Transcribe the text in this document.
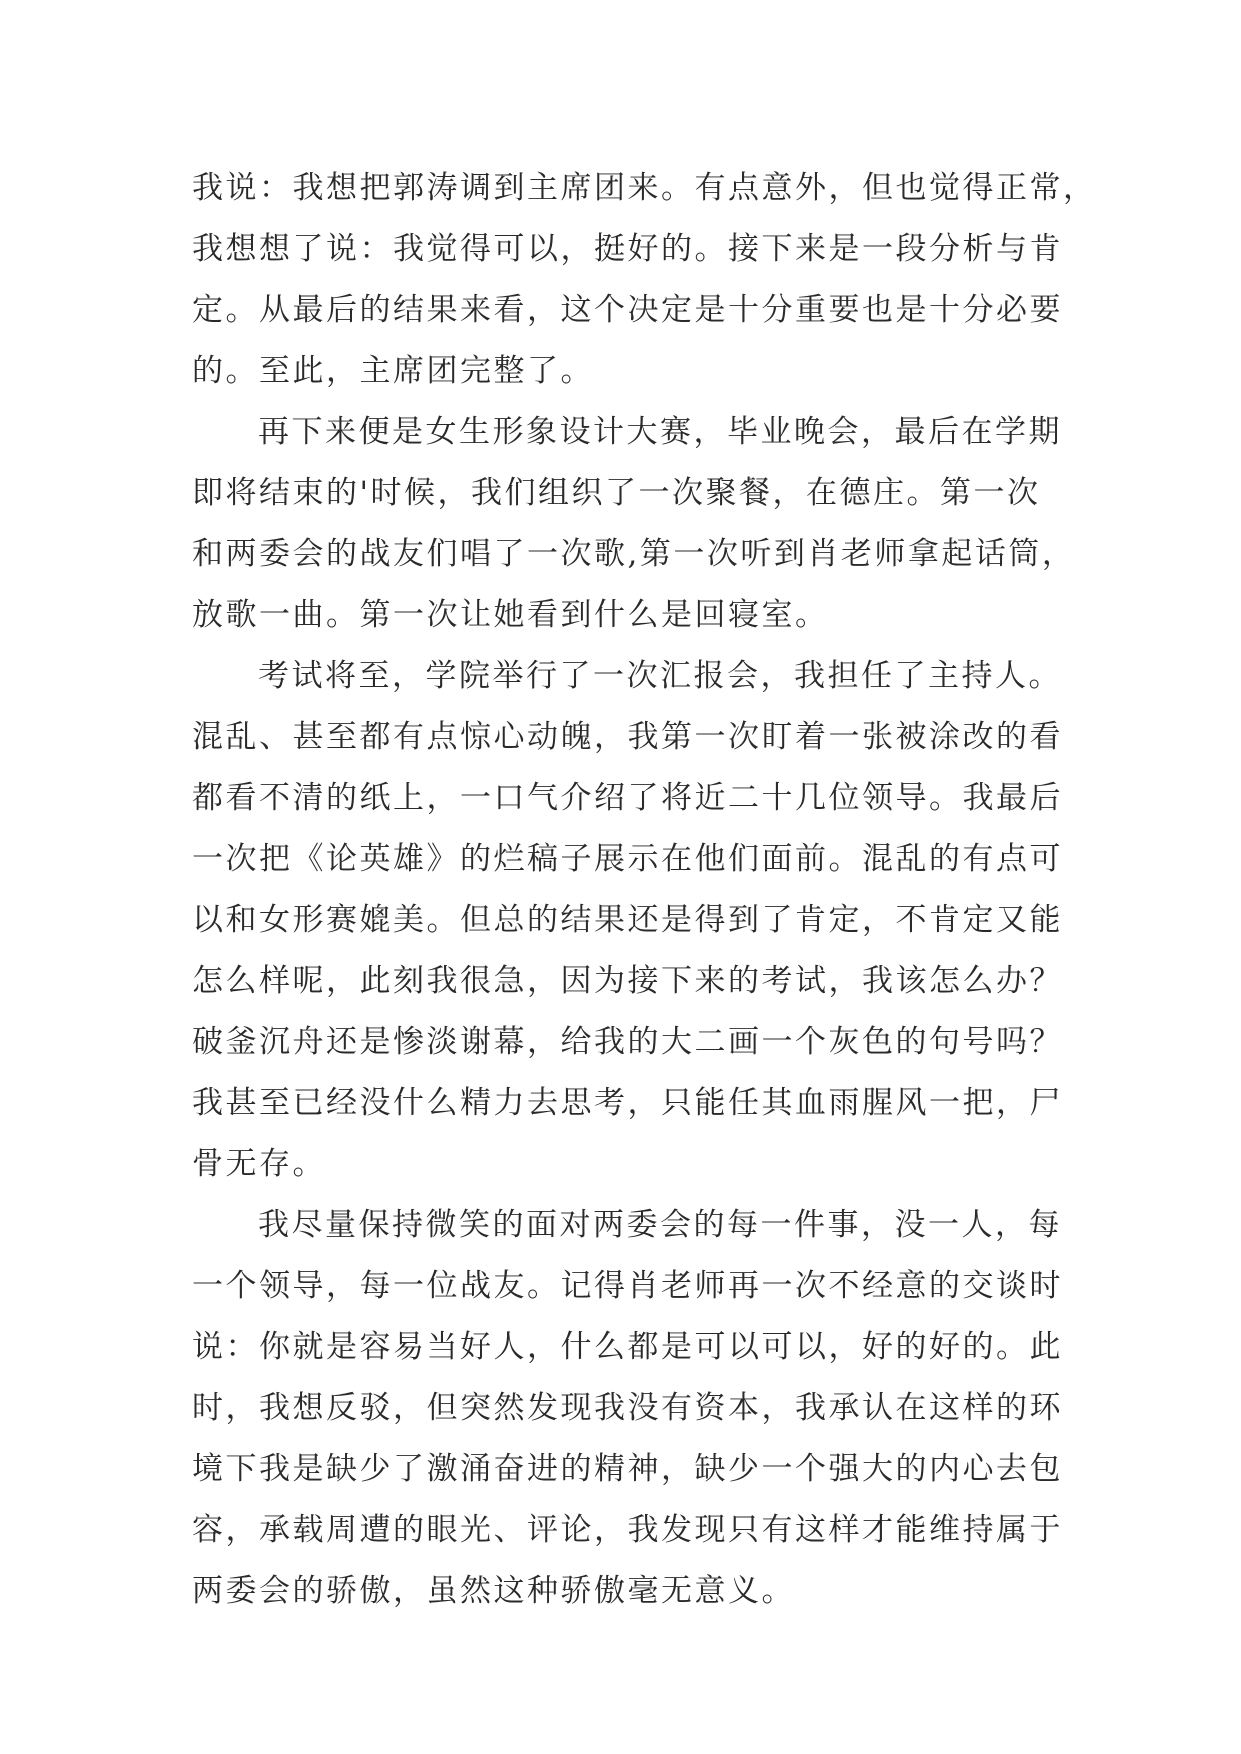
我说：我想把郭涛调到主席团来。有点意外，但也觉得正常，
我想想了说：我觉得可以，挺好的。接下来是一段分析与肯
定。从最后的结果来看，这个决定是十分重要也是十分必要
的。至此，主席团完整了。
再下来便是女生形象设计大赛，毕业晚会，最后在学期
即将结束的'时候，我们组织了一次聚餐，在德庄。第一次
和两委会的战友们唱了一次歌,第一次听到肖老师拿起话筒，
放歌一曲。第一次让她看到什么是回寝室。
考试将至，学院举行了一次汇报会，我担任了主持人。
混乱、甚至都有点惊心动魄，我第一次盯着一张被涂改的看
都看不清的纸上，一口气介绍了将近二十几位领导。我最后
一次把《论英雄》的烂稿子展示在他们面前。混乱的有点可
以和女形赛媲美。但总的结果还是得到了肯定，不肯定又能
怎么样呢，此刻我很急，因为接下来的考试，我该怎么办？
破釜沉舟还是惨淡谢幕，给我的大二画一个灰色的句号吗？
我甚至已经没什么精力去思考，只能任其血雨腥风一把，尸
骨无存。
我尽量保持微笑的面对两委会的每一件事，没一人，每
一个领导，每一位战友。记得肖老师再一次不经意的交谈时
说：你就是容易当好人，什么都是可以可以，好的好的。此
时，我想反驳，但突然发现我没有资本，我承认在这样的环
境下我是缺少了激涌奋进的精神，缺少一个强大的内心去包
容，承载周遭的眼光、评论，我发现只有这样才能维持属于
两委会的骄傲，虽然这种骄傲毫无意义。
